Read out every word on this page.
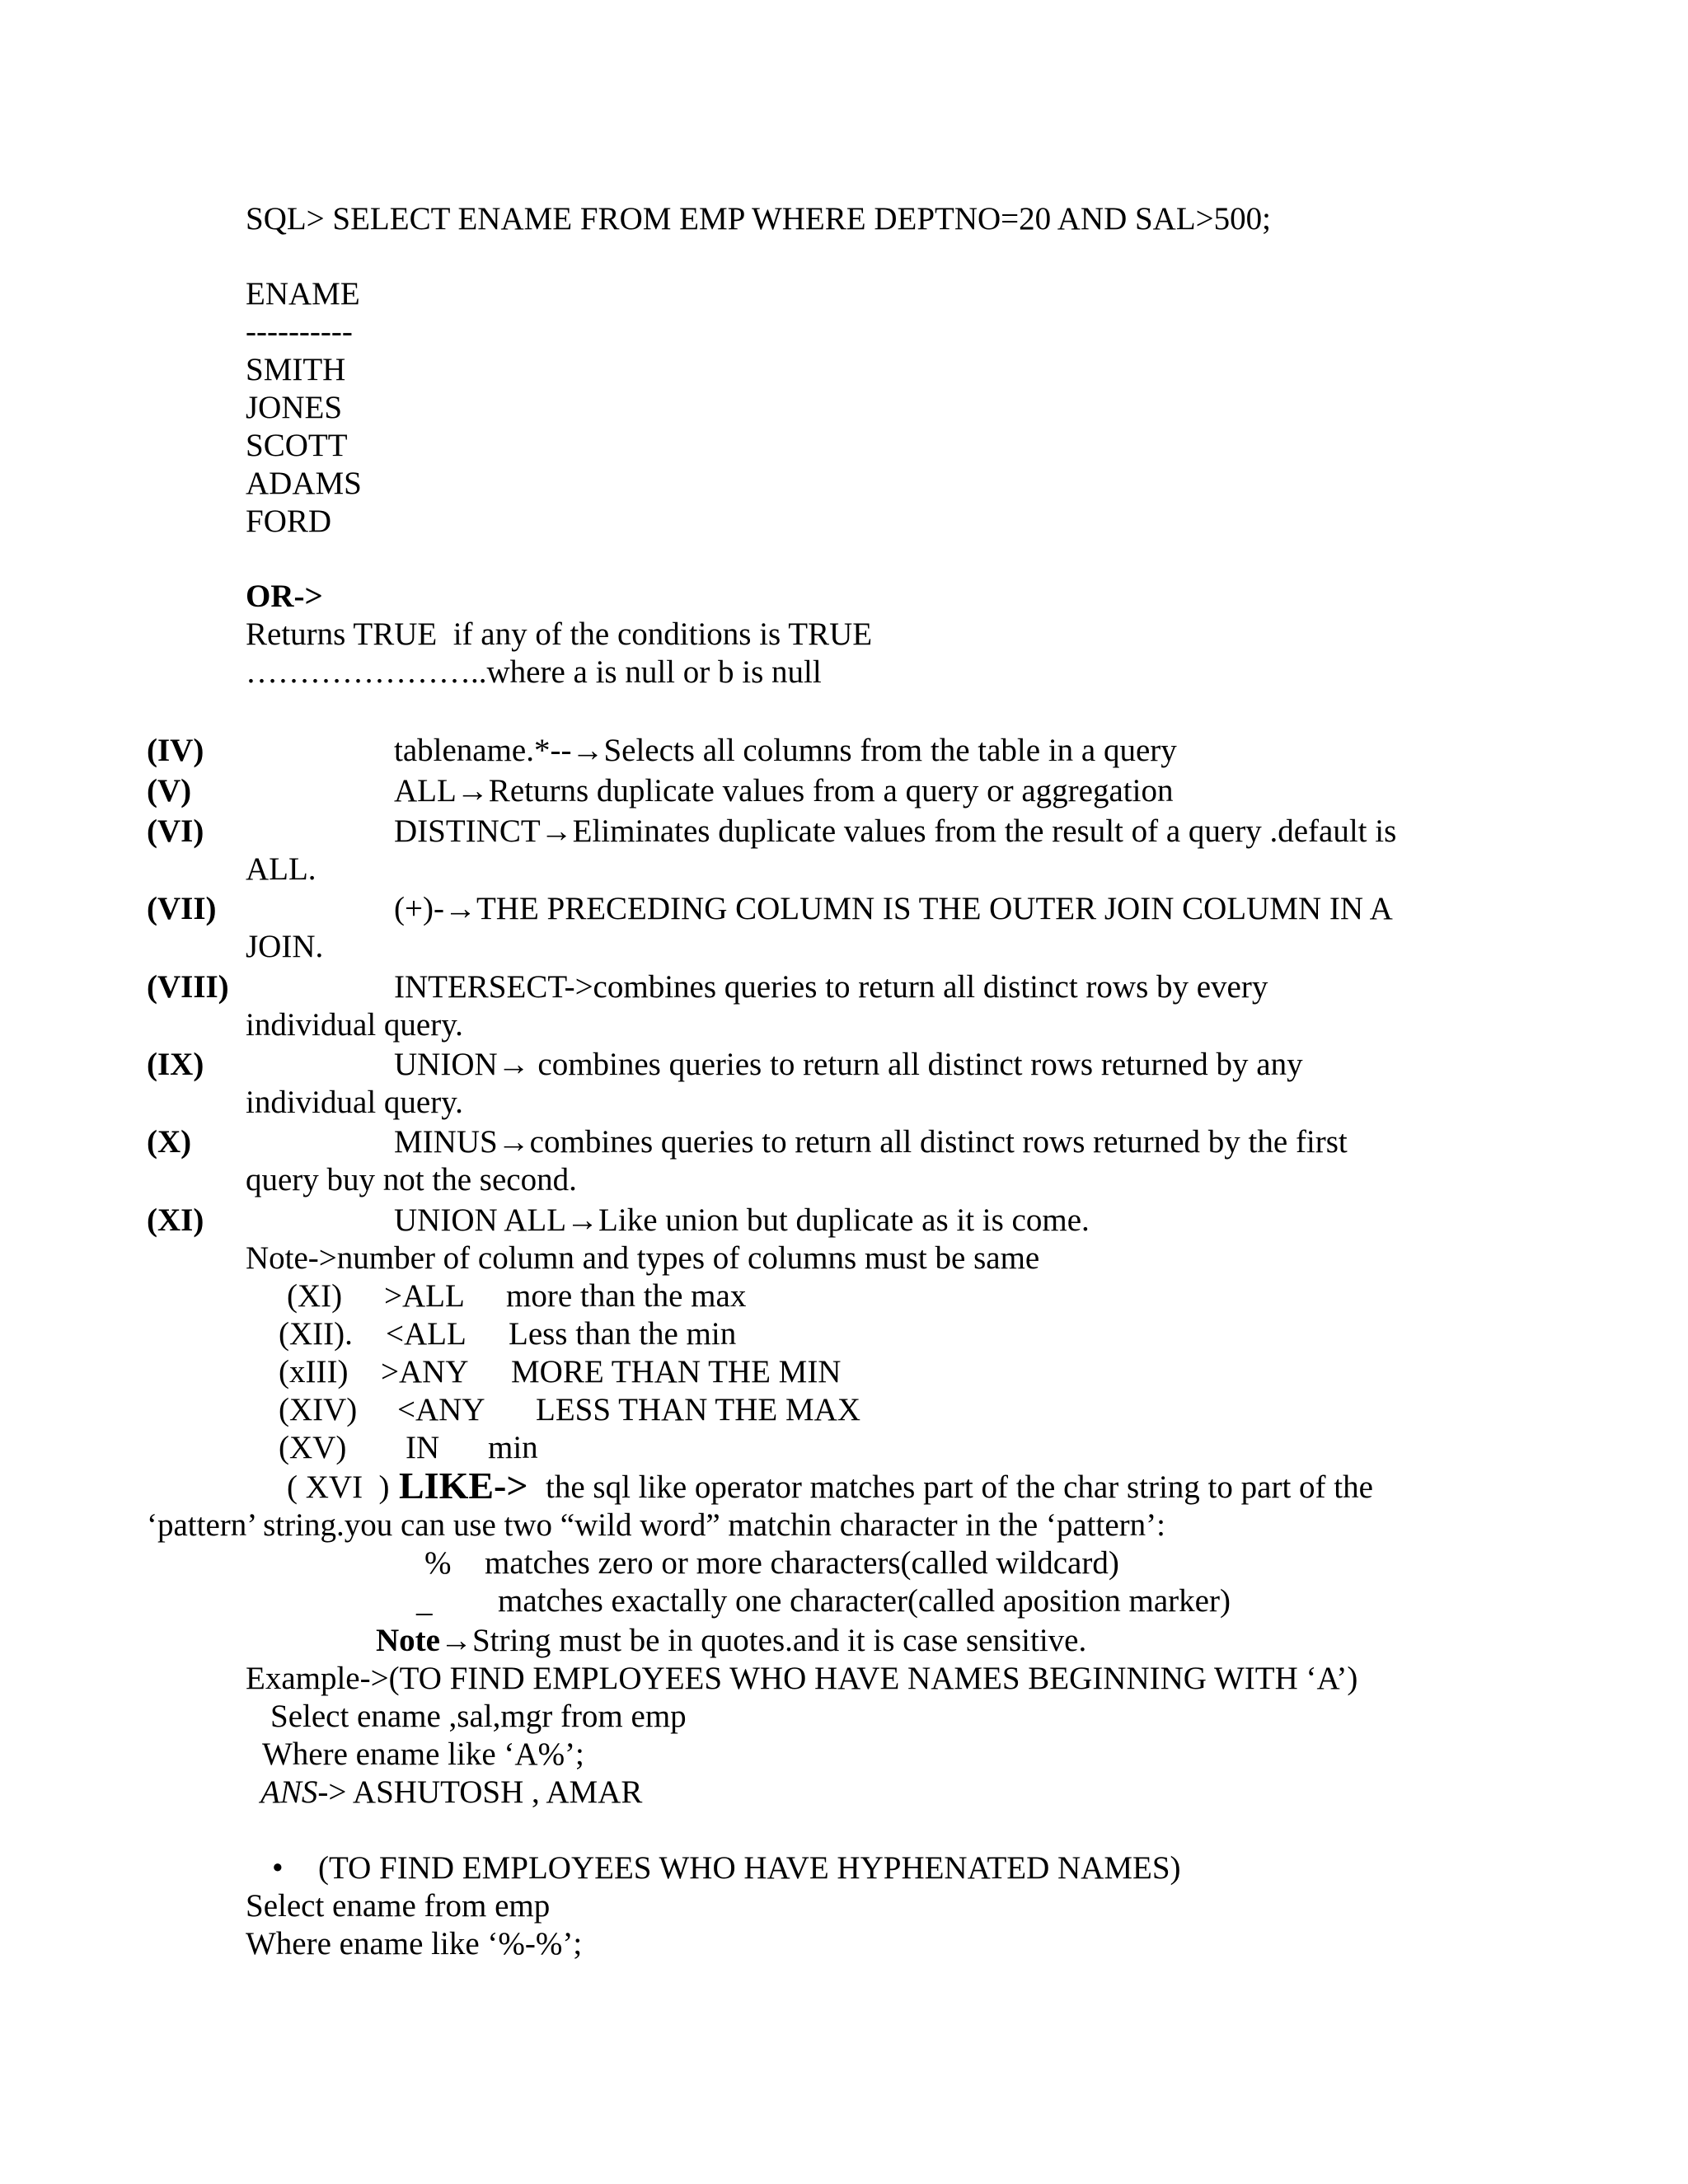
SQL> SELECT ENAME FROM EMP WHERE DEPTNO=20 AND SAL>500;
ENAME
----------
SMITH
JONES
SCOTT
ADAMS
FORD
OR->
Returns TRUE  if any of the conditions is TRUE
…………………..where a is null or b is null
(IV)	tablename.*--→Selects all columns from the table in a query
(V)	ALL→Returns duplicate values from a query or aggregation
(VI)	DISTINCT→Eliminates duplicate values from the result of a query .default is
ALL.
(VII)	(+)-→THE PRECEDING COLUMN IS THE OUTER JOIN COLUMN IN A
JOIN.
(VIII)	INTERSECT->combines queries to return all distinct rows by every
individual query.
(IX)	UNION→ combines queries to return all distinct rows returned by any
individual query.
(X)	MINUS→combines queries to return all distinct rows returned by the first
query buy not the second.
(XI)	UNION ALL→Like union but duplicate as it is come.
Note->number of column and types of columns must be same
(XI) >ALL more than the max
(XII). <ALL Less than the min
(xIII) >ANY MORE THAN THE MIN
(XIV) <ANY LESS THAN THE MAX
(XV) IN min
( XVI  ) LIKE-> the sql like operator matches part of the char string to part of the
‘pattern’ string.you can use two “wild word” matchin character in the ‘pattern’:
% matches zero or more characters(called wildcard)
_ matches exactally one character(called aposition marker)
Note→String must be in quotes.and it is case sensitive.
Example->(TO FIND EMPLOYEES WHO HAVE NAMES BEGINNING WITH ‘A’)
Select ename ,sal,mgr from emp
Where ename like ‘A%’;
ANS-> ASHUTOSH , AMAR
• (TO FIND EMPLOYEES WHO HAVE HYPHENATED NAMES)
Select ename from emp
Where ename like ‘%-%’;
